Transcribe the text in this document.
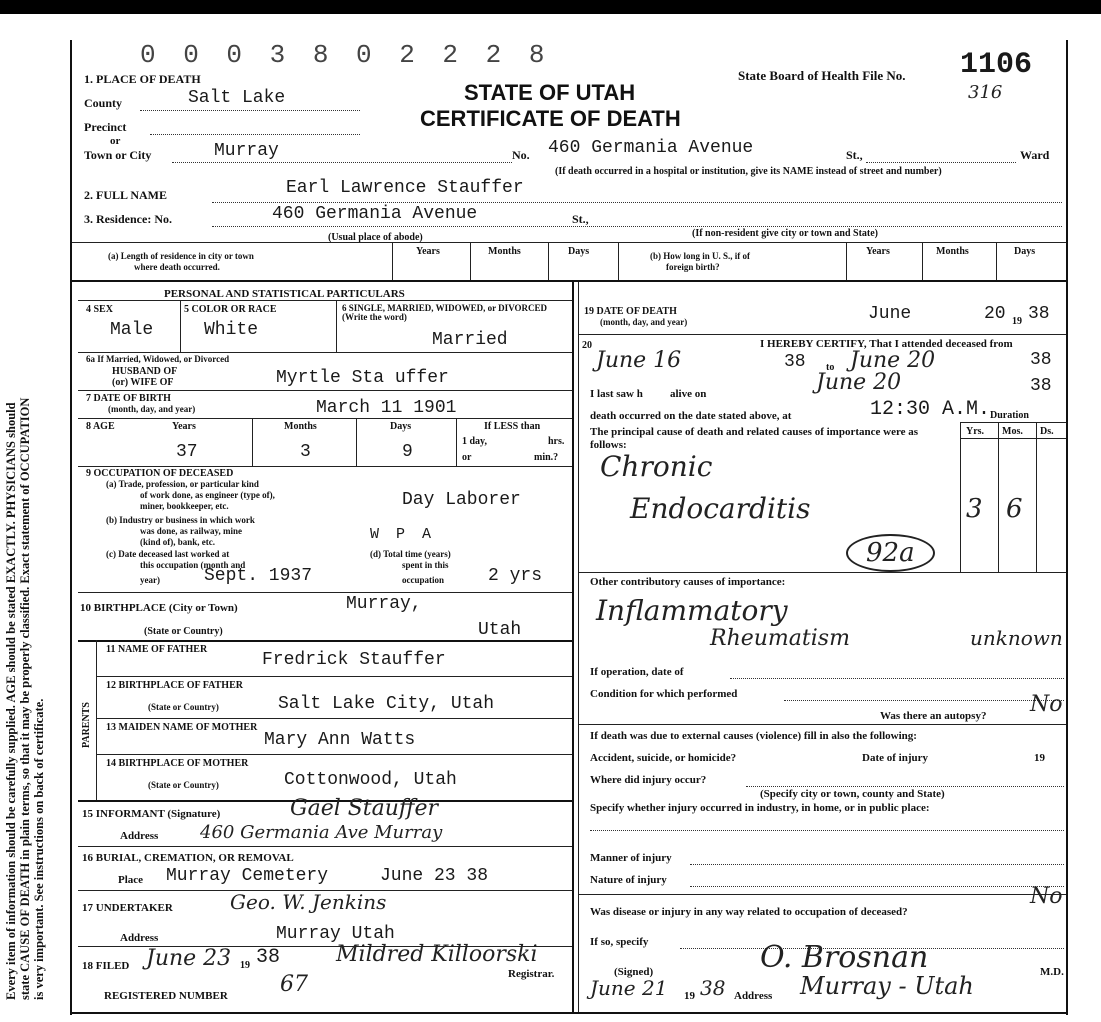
Every item of information should be carefully supplied. AGE should be stated EXACTLY. PHYSICIANS should state CAUSE OF DEATH in plain terms, so that it may be properly classified. Exact statement of OCCUPATION is very important. See instructions on back of certificate.
0 0 0 3 8 0 2 2 2 8
1. PLACE OF DEATH
STATE OF UTAH
CERTIFICATE OF DEATH
State Board of Health File No. 1106
316
County	Salt Lake
Precinct
or
Town or City	Murray	No. 460 Germania Avenue	St.,	Ward
(If death occurred in a hospital or institution, give its NAME instead of street and number)
2. FULL NAME	Earl Lawrence Stauffer
3. Residence: No.	460 Germania Avenue	St.,
(Usual place of abode)	(If non-resident give city or town and State)
(a) Length of residence in city or town
where death occurred.
Years	Months	Days	(b) How long in U. S., if of
foreign birth?
Years	Months	Days
PERSONAL AND STATISTICAL PARTICULARS
4 SEX
Male
5 COLOR OR RACE
White
6 SINGLE, MARRIED, WIDOWED, or DIVORCED (Write the word)
Married
6a If Married, Widowed, or Divorced
HUSBAND OF
(or) WIFE OF	Myrtle Sta uffer
7 DATE OF BIRTH
(month, day, and year)	March 11 1901
8 AGE	Years	Months	Days	If LESS than
1 day,	hrs.
or	min.?
37	3	9
9 OCCUPATION OF DECEASED
(a) Trade, profession, or particular kind
of work done, as engineer (type of),
miner, bookkeeper, etc.	Day Laborer
(b) Industry or business in which work
was done, as railway, mine
(kind of), bank, etc.	W P A
(c) Date deceased last worked at
this occupation (month and
year) Sept. 1937
(d) Total time (years)
spent in this
occupation 2 yrs
10 BIRTHPLACE (City or Town)	Murray,
(State or Country)	Utah
PARENTS
11 NAME OF FATHER
Fredrick Stauffer
12 BIRTHPLACE OF FATHER
(State or Country)	Salt Lake City, Utah
13 MAIDEN NAME OF MOTHER
Mary Ann Watts
14 BIRTHPLACE OF MOTHER
(State or Country)	Cottonwood, Utah
15 INFORMANT (Signature)	Gael Stauffer
Address 460 Germania Ave Murray
16 BURIAL, CREMATION, OR REMOVAL
Place Murray Cemetery	June 23 38
17 UNDERTAKER	Geo. W. Jenkins
Address	Murray Utah
18 FILED June 23 19 38	Mildred Killoorski
Registrar.
REGISTERED NUMBER 67
19 DATE OF DEATH
(month, day, and year)	June	20 19 38
20	I HEREBY CERTIFY, That I attended deceased from
June 16	38 to June 20	38
I last saw h alive on	June 20	38
death occurred on the date stated above, at	12:30 A.M. Duration
Yrs. Mos. Ds.
The principal cause of death and related causes of importance were as follows:
Chronic
Endocarditis	3 6
92a
Other contributory causes of importance:
Inflammatory
Rheumatism	unknown
If operation, date of
Condition for which performed
Was there an autopsy? No
If death was due to external causes (violence) fill in also the following:
Accident, suicide, or homicide?	Date of injury	19
Where did injury occur?
(Specify city or town, county and State)
Specify whether injury occurred in industry, in home, or in public place:
Manner of injury
Nature of injury
Was disease or injury in any way related to occupation of deceased?
No
If so, specify
(Signed)	O. Brosnan	M.D.
June 21 19 38 Address Murray - Utah
